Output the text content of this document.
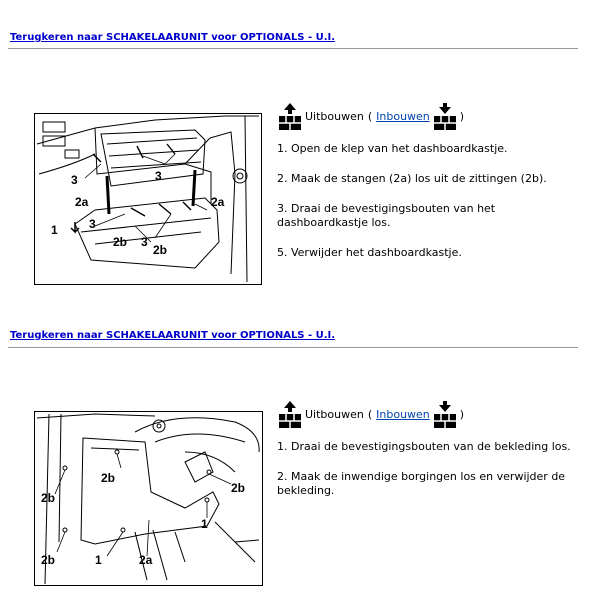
Terugkeren naar SCHAKELAARUNIT voor OPTIONALS - U.I.
3	3
2a	2a
3
1
2b 3
2b
Uitbouwen ( Inbouwen	)
1. Open de klep van het dashboardkastje.
2. Maak de stangen (2a) los uit de zittingen (2b).
3. Draai de bevestigingsbouten van het dashboardkastje los.
5. Verwijder het dashboardkastje.
Terugkeren naar SCHAKELAARUNIT voor OPTIONALS - U.I.
2b
2b
2b
1
1	2a
2b
Uitbouwen ( Inbouwen	)
1. Draai de bevestigingsbouten van de bekleding los.
2. Maak de inwendige borgingen los en verwijder de bekleding.
